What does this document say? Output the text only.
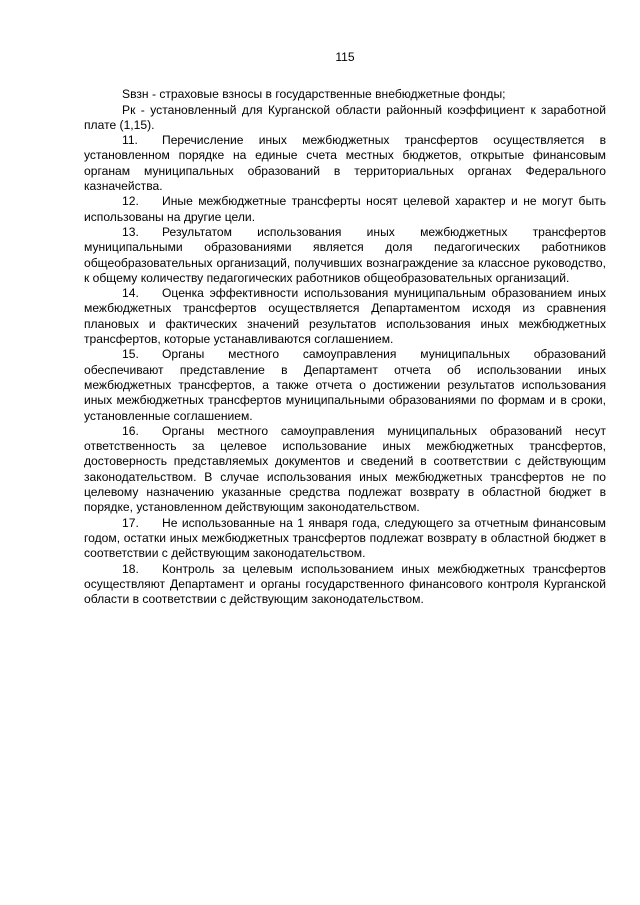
115

Sвзн - страховые взносы в государственные внебюджетные фонды;

Рк - установленный для Курганской области районный коэффициент к заработной плате (1,15).

11. Перечисление иных межбюджетных трансфертов осуществляется в установленном порядке на единые счета местных бюджетов, открытые финансовым органам муниципальных образований в территориальных органах Федерального казначейства.

12. Иные межбюджетные трансферты носят целевой характер и не могут быть использованы на другие цели.

13. Результатом использования иных межбюджетных трансфертов муниципальными образованиями является доля педагогических работников общеобразовательных организаций, получивших вознаграждение за классное руководство, к общему количеству педагогических работников общеобразовательных организаций.

14. Оценка эффективности использования муниципальным образованием иных межбюджетных трансфертов осуществляется Департаментом исходя из сравнения плановых и фактических значений результатов использования иных межбюджетных трансфертов, которые устанавливаются соглашением.

15. Органы местного самоуправления муниципальных образований обеспечивают представление в Департамент отчета об использовании иных межбюджетных трансфертов, а также отчета о достижении результатов использования иных межбюджетных трансфертов муниципальными образованиями по формам и в сроки, установленные соглашением.

16. Органы местного самоуправления муниципальных образований несут ответственность за целевое использование иных межбюджетных трансфертов, достоверность представляемых документов и сведений в соответствии с действующим законодательством. В случае использования иных межбюджетных трансфертов не по целевому назначению указанные средства подлежат возврату в областной бюджет в порядке, установленном действующим законодательством.

17. Не использованные на 1 января года, следующего за отчетным финансовым годом, остатки иных межбюджетных трансфертов подлежат возврату в областной бюджет в соответствии с действующим законодательством.

18. Контроль за целевым использованием иных межбюджетных трансфертов осуществляют Департамент и органы государственного финансового контроля Курганской области в соответствии с действующим законодательством.
